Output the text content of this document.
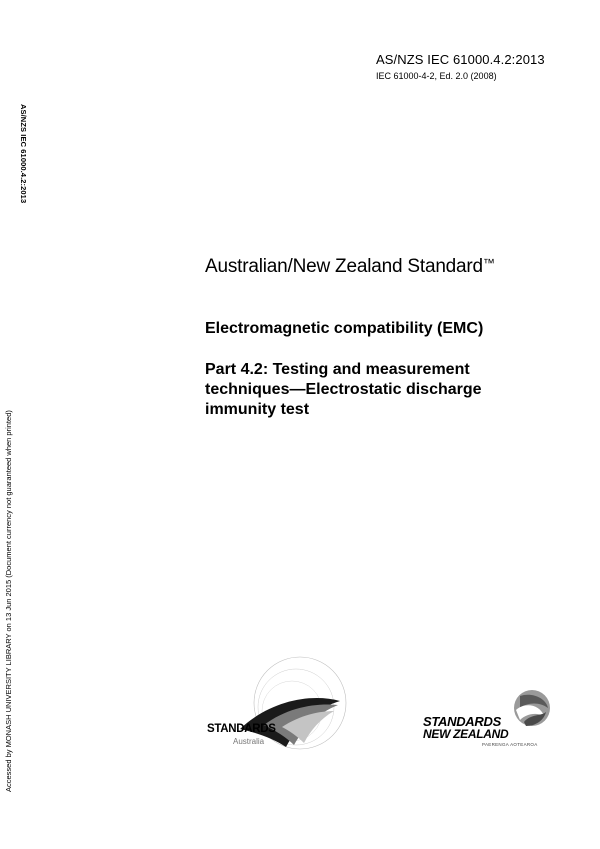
AS/NZS IEC 61000.4.2:2013
IEC 61000-4-2, Ed. 2.0 (2008)
AS/NZS IEC 61000.4.2:2013
Accessed by MONASH UNIVERSITY LIBRARY on 13 Jun 2015 (Document currency not guaranteed when printed)
Australian/New Zealand Standard™
Electromagnetic compatibility (EMC)
Part 4.2: Testing and measurement
techniques—Electrostatic discharge
immunity test
STANDARDS
Australia
STANDARDS
NEW ZEALAND
PAERENGA AOTEAROA
